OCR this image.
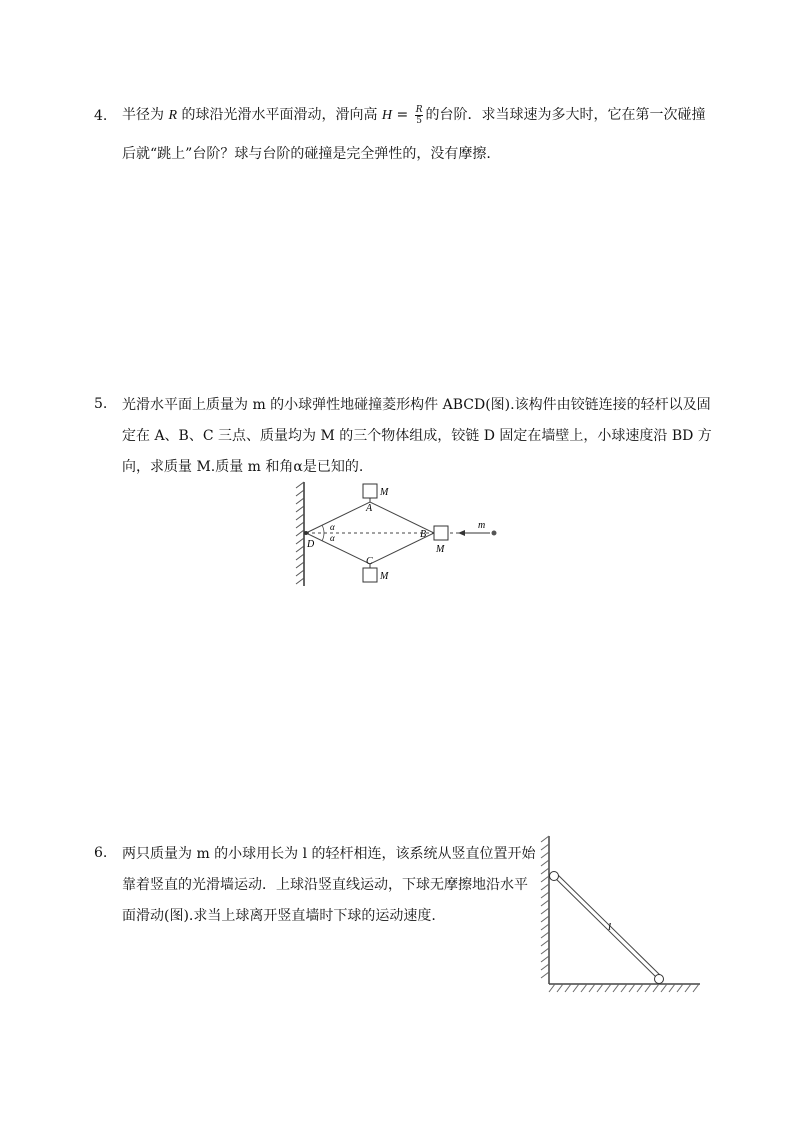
4. 半径为 R 的球沿光滑水平面滑动，滑向高 $H = \frac{R}{5}$ 的台阶．求当球速为多大时，它在第一次碰撞
后就“跳上”台阶？球与台阶的碰撞是完全弹性的，没有摩擦.
5. 光滑水平面上质量为 m 的小球弹性地碰撞菱形构件 ABCD(图).该构件由铰链连接的轻杆以及固
定在 A、B、C 三点、质量均为 M 的三个物体组成，铰链 D 固定在墙壁上，小球速度沿 BD 方
向，求质量 M.质量 m 和角α是已知的.
M
A
C
M
B
M
D
α
α
m
6. 两只质量为 m 的小球用长为 l 的轻杆相连，该系统从竖直位置开始
靠着竖直的光滑墙运动．上球沿竖直线运动，下球无摩擦地沿水平
面滑动(图).求当上球离开竖直墙时下球的运动速度.
l
